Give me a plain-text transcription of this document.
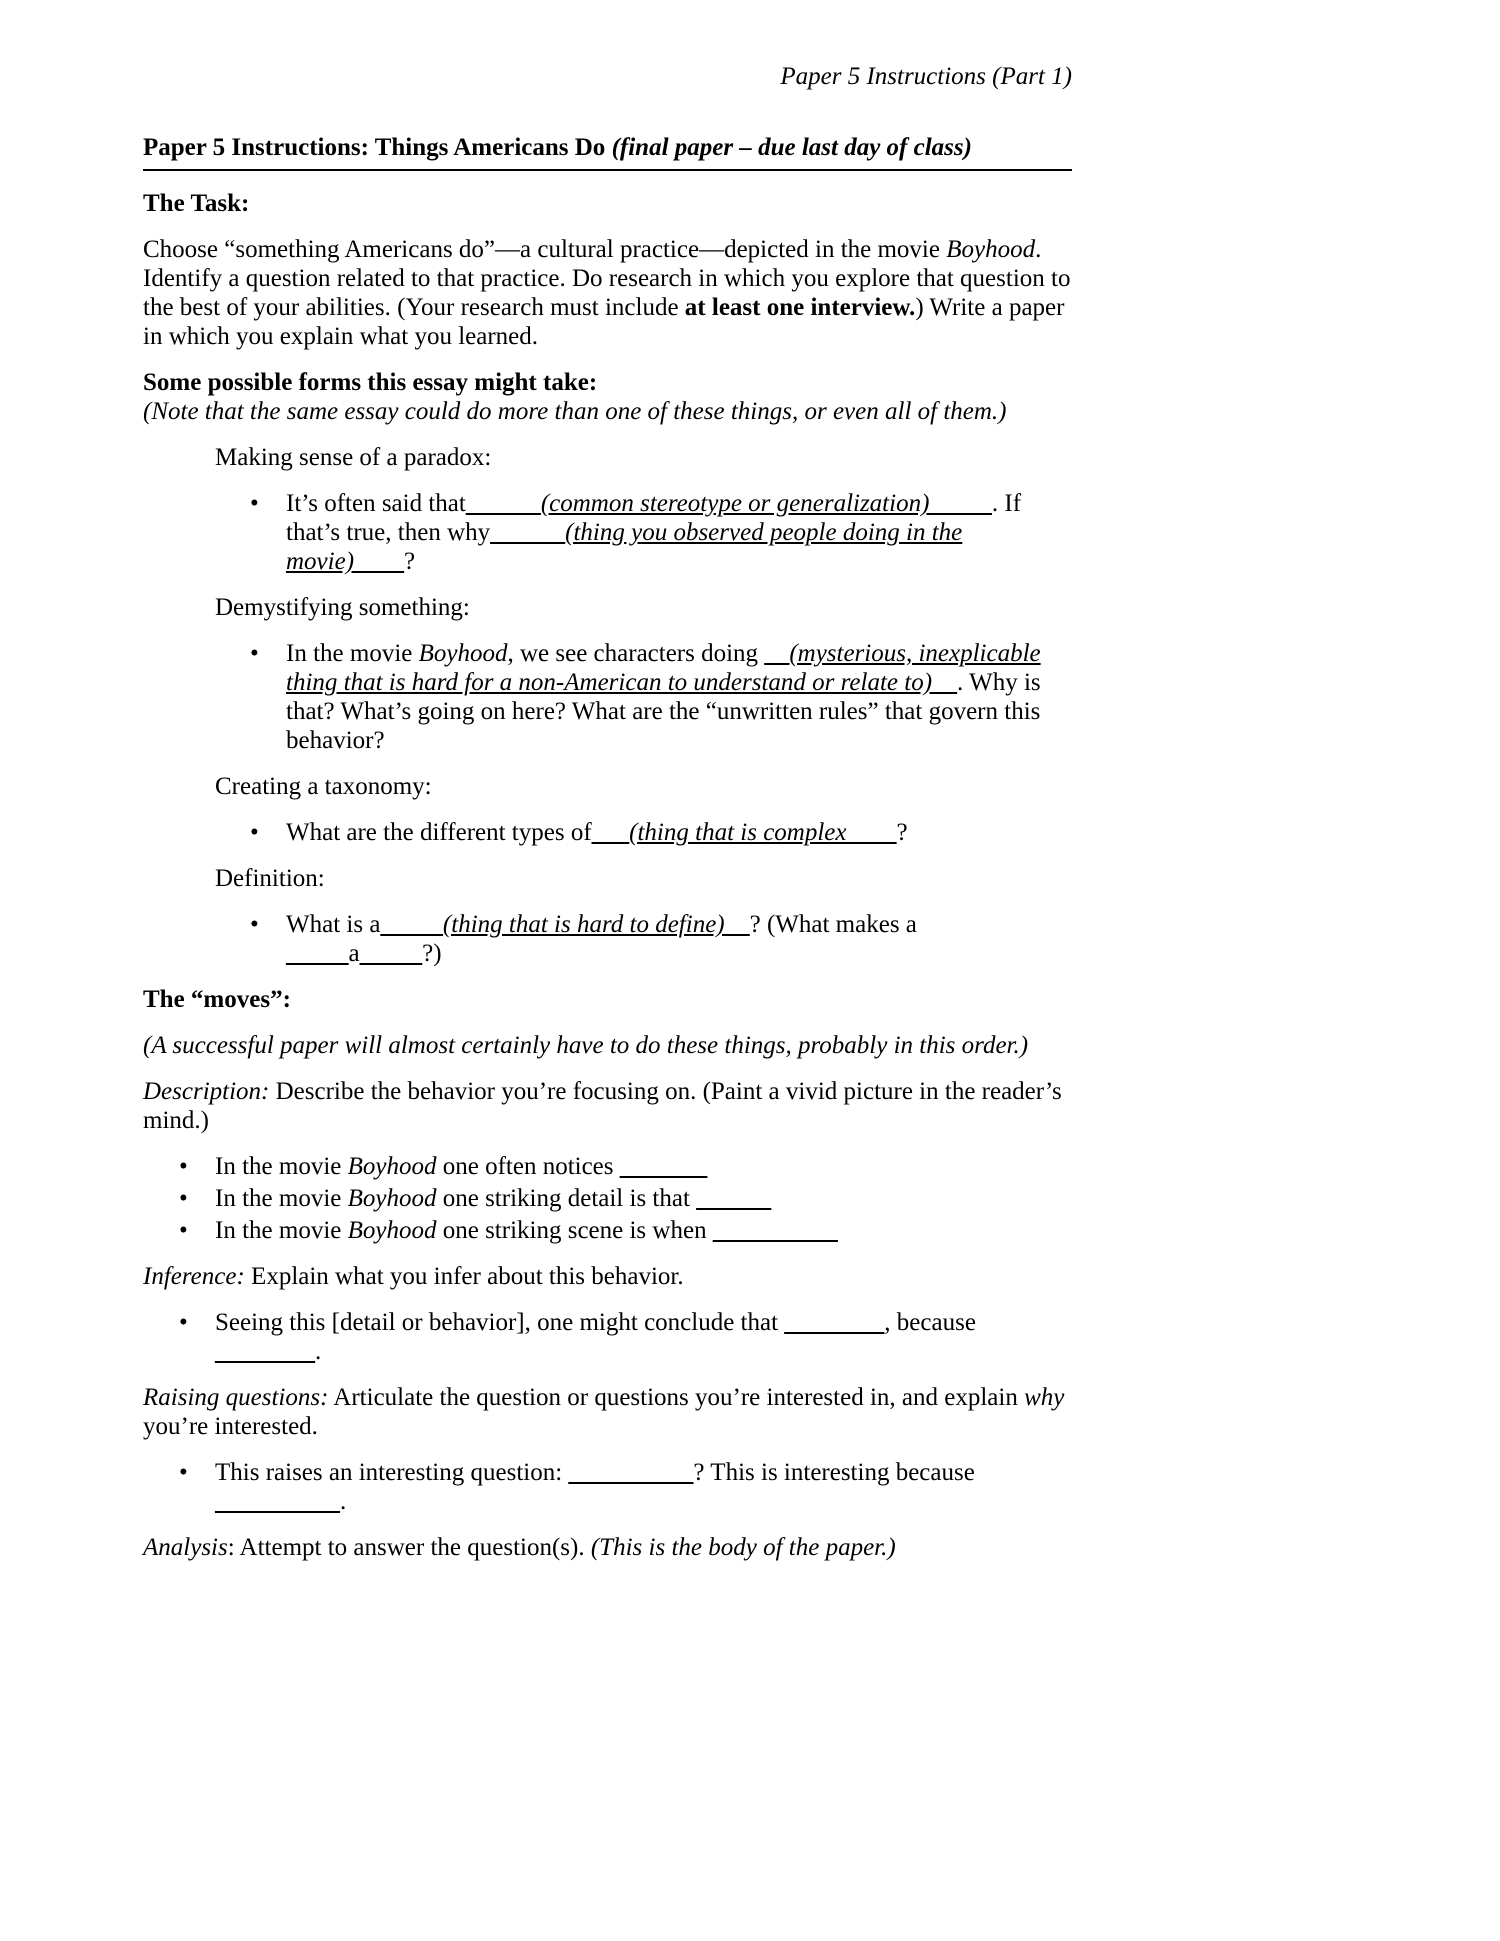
Paper 5 Instructions (Part 1)
Paper 5 Instructions: Things Americans Do (final paper – due last day of class)
The Task:
Choose “something Americans do”—a cultural practice—depicted in the movie Boyhood. Identify a question related to that practice. Do research in which you explore that question to the best of your abilities. (Your research must include at least one interview.) Write a paper in which you explain what you learned.
Some possible forms this essay might take:
(Note that the same essay could do more than one of these things, or even all of them.)
Making sense of a paradox:
•	It’s often said that______(common stereotype or generalization)_____. If that’s true, then why______(thing you observed people doing in the movie)____?
Demystifying something:
•	In the movie Boyhood, we see characters doing __(mysterious, inexplicable thing that is hard for a non-American to understand or relate to)__. Why is that? What’s going on here? What are the “unwritten rules” that govern this behavior?
Creating a taxonomy:
•	What are the different types of___(thing that is complex____?
Definition:
•	What is a_____(thing that is hard to define)__? (What makes a _____a_____?)
The “moves”:
(A successful paper will almost certainly have to do these things, probably in this order.)
Description: Describe the behavior you’re focusing on. (Paint a vivid picture in the reader’s mind.)
•	In the movie Boyhood one often notices _______
•	In the movie Boyhood one striking detail is that ______
•	In the movie Boyhood one striking scene is when __________
Inference: Explain what you infer about this behavior.
•	Seeing this [detail or behavior], one might conclude that ________, because ________.
Raising questions: Articulate the question or questions you’re interested in, and explain why you’re interested.
•	This raises an interesting question: __________? This is interesting because __________.
Analysis: Attempt to answer the question(s). (This is the body of the paper.)
